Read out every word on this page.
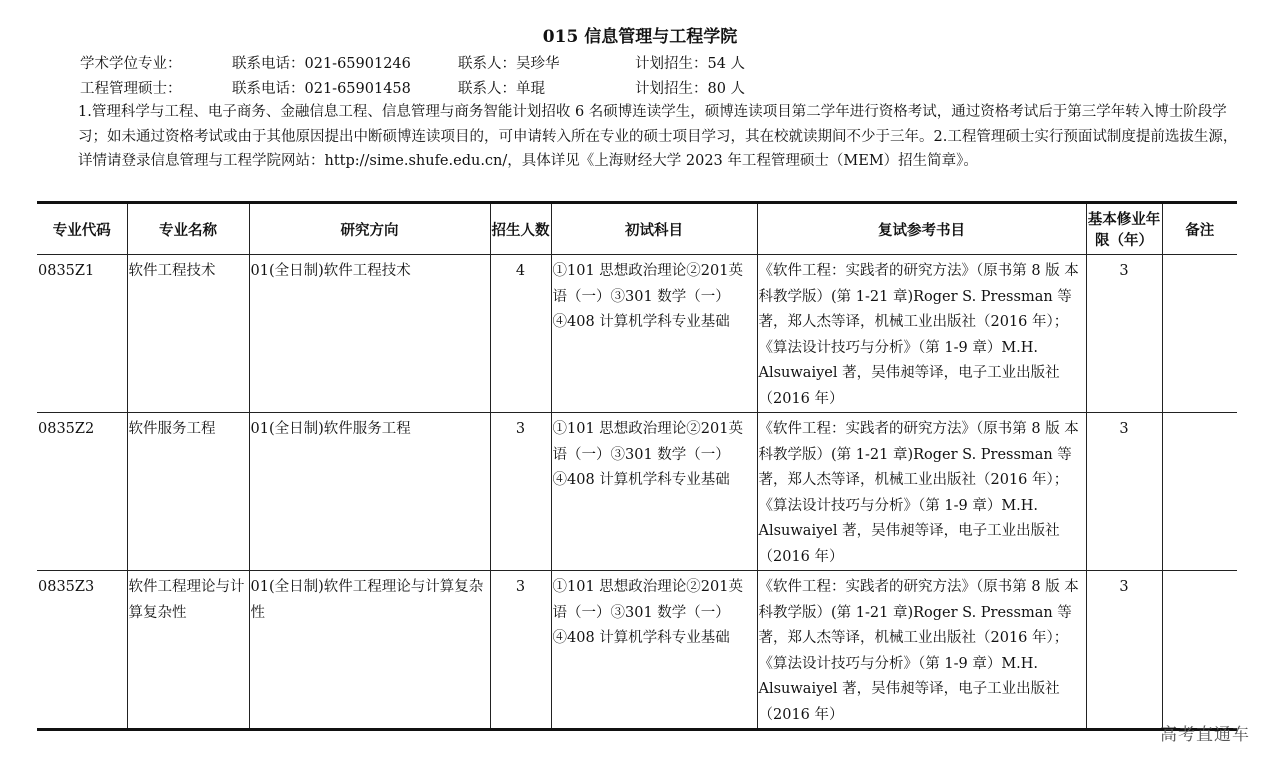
015 信息管理与工程学院
学术学位专业：	联系电话：021-65901246	联系人：吴珍华	计划招生：54 人
工程管理硕士：	联系电话：021-65901458	联系人：单琨	计划招生：80 人
1.管理科学与工程、电子商务、金融信息工程、信息管理与商务智能计划招收 6 名硕博连读学生，硕博连读项目第二学年进行资格考试，通过资格考试后于第三学年转入博士阶段学习；如未通过资格考试或由于其他原因提出中断硕博连读项目的，可申请转入所在专业的硕士项目学习，其在校就读期间不少于三年。2.工程管理硕士实行预面试制度提前选拔生源，详情请登录信息管理与工程学院网站：http://sime.shufe.edu.cn/，具体详见《上海财经大学 2023 年工程管理硕士（MEM）招生简章》。
专业代码	专业名称	研究方向	招生人数	初试科目	复试参考书目	基本修业年限（年）	备注
0835Z1	软件工程技术	01(全日制)软件工程技术	4	①101 思想政治理论②201英语（一）③301 数学（一）④408 计算机学科专业基础	《软件工程：实践者的研究方法》（原书第 8 版 本科教学版）(第 1-21 章)Roger S. Pressman 等著，郑人杰等译，机械工业出版社（2016 年）；《算法设计技巧与分析》（第 1-9 章）M.H. Alsuwaiyel 著，吴伟昶等译，电子工业出版社（2016 年）	3	
0835Z2	软件服务工程	01(全日制)软件服务工程	3	①101 思想政治理论②201英语（一）③301 数学（一）④408 计算机学科专业基础	《软件工程：实践者的研究方法》（原书第 8 版 本科教学版）(第 1-21 章)Roger S. Pressman 等著，郑人杰等译，机械工业出版社（2016 年）；《算法设计技巧与分析》（第 1-9 章）M.H. Alsuwaiyel 著，吴伟昶等译，电子工业出版社（2016 年）	3	
0835Z3	软件工程理论与计算复杂性	01(全日制)软件工程理论与计算复杂性	3	①101 思想政治理论②201英语（一）③301 数学（一）④408 计算机学科专业基础	《软件工程：实践者的研究方法》（原书第 8 版 本科教学版）(第 1-21 章)Roger S. Pressman 等著，郑人杰等译，机械工业出版社（2016 年）；《算法设计技巧与分析》（第 1-9 章）M.H. Alsuwaiyel 著，吴伟昶等译，电子工业出版社（2016 年）	3	
高考直通车
